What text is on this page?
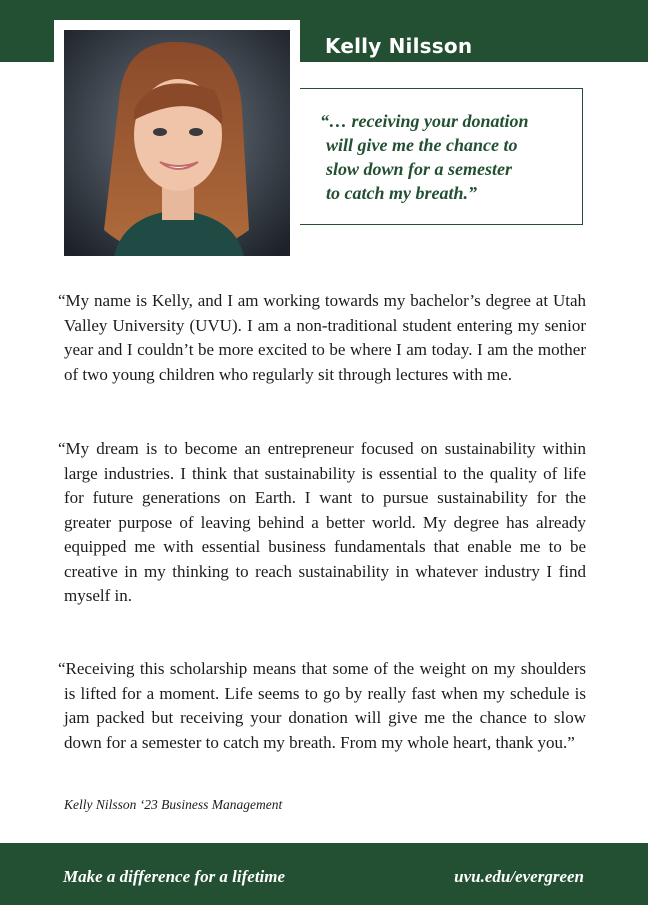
Kelly Nilsson
“… receiving your donation
will give me the chance to
slow down for a semester
to catch my breath.”

“My name is Kelly, and I am working towards my bachelor’s degree at Utah Valley University (UVU). I am a non-traditional student entering my senior year and I couldn’t be more excited to be where I am today. I am the mother of two young children who regularly sit through lectures with me.

“My dream is to become an entrepreneur focused on sustainability within large industries. I think that sustainability is essential to the quality of life for future generations on Earth. I want to pursue sustainability for the greater purpose of leaving behind a better world. My degree has already equipped me with essential business fundamentals that enable me to be creative in my thinking to reach sustainability in whatever industry I find myself in.

“Receiving this scholarship means that some of the weight on my shoulders is lifted for a moment. Life seems to go by really fast when my schedule is jam packed but receiving your donation will give me the chance to slow down for a semester to catch my breath. From my whole heart, thank you.”

Kelly Nilsson ‘23 Business Management
Make a difference for a lifetime	uvu.edu/evergreen
